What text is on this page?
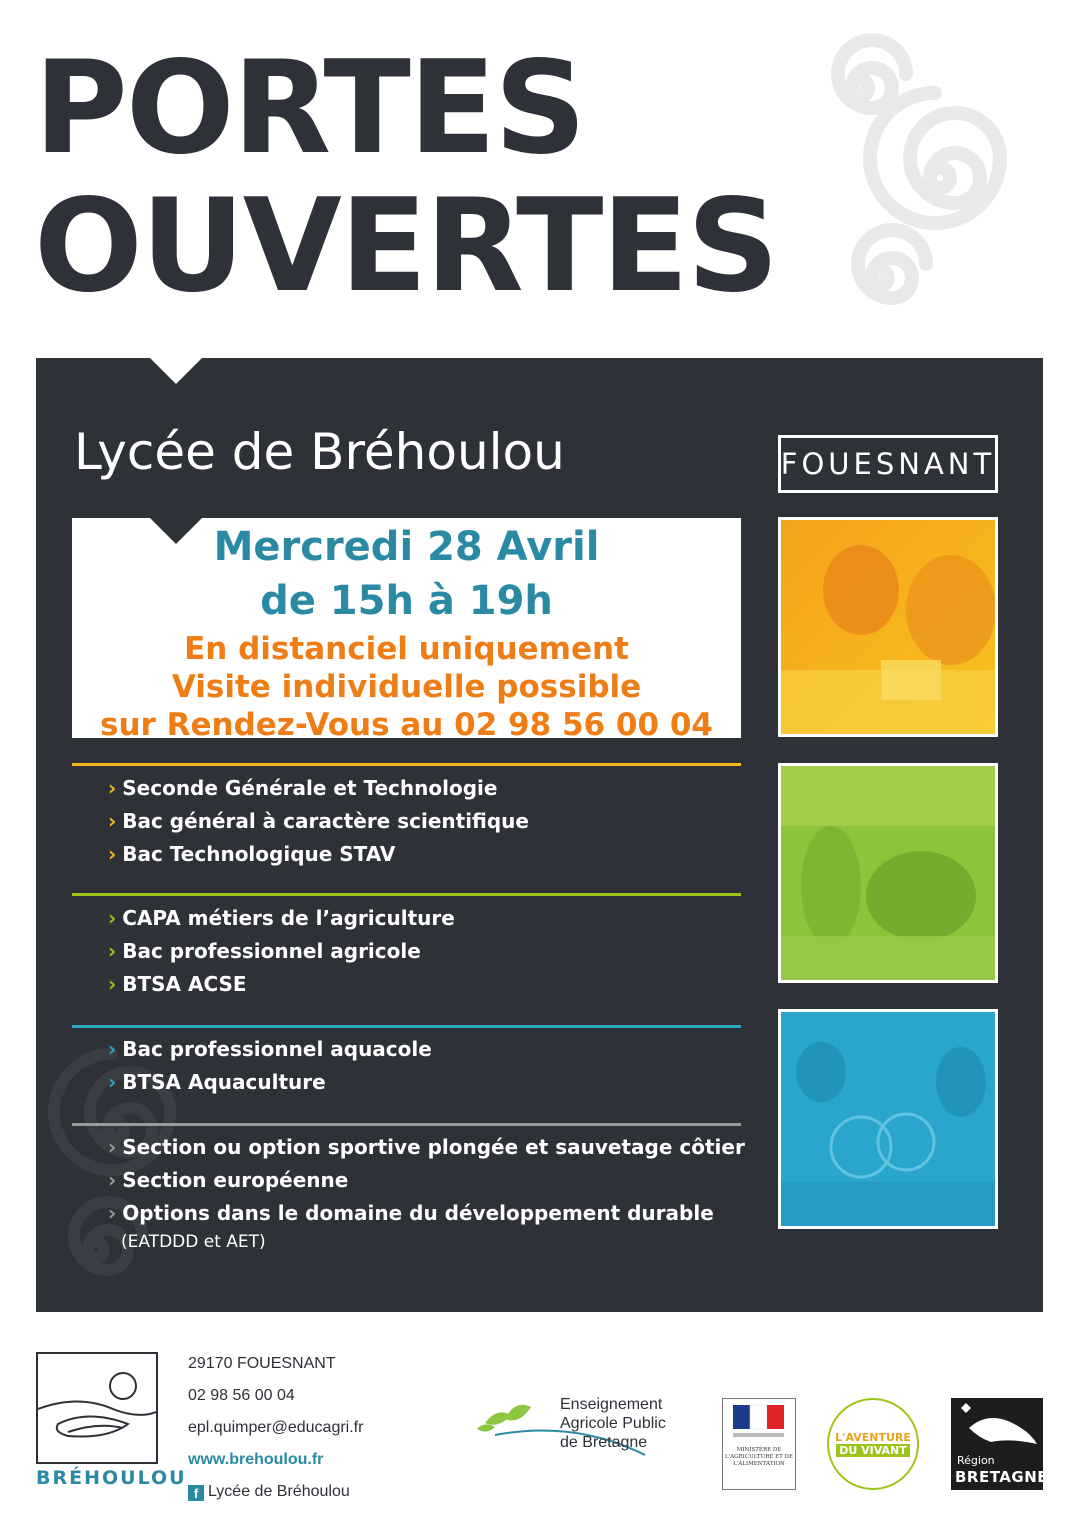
PORTES
OUVERTES
Lycée de Bréhoulou	FOUESNANT
Mercredi 28 Avril
de 15h à 19h
En distanciel uniquement
Visite individuelle possible
sur Rendez-Vous au 02 98 56 00 04
› Seconde Générale et Technologie
› Bac général à caractère scientifique
› Bac Technologique STAV
› CAPA métiers de l’agriculture
› Bac professionnel agricole
› BTSA ACSE
› Bac professionnel aquacole
› BTSA Aquaculture
› Section ou option sportive plongée et sauvetage côtier
› Section européenne
› Options dans le domaine du développement durable
(EATDDD et AET)
BRÉHOULOU
29170 FOUESNANT
02 98 56 00 04
epl.quimper@educagri.fr
www.brehoulou.fr
f Lycée de Bréhoulou
Enseignement
Agricole Public
de Bretagne	MINISTÈRE DE L'AGRICULTURE ET DE L'ALIMENTATION
L'AVENTURE
DU VIVANT
Région
BRETAGNE
